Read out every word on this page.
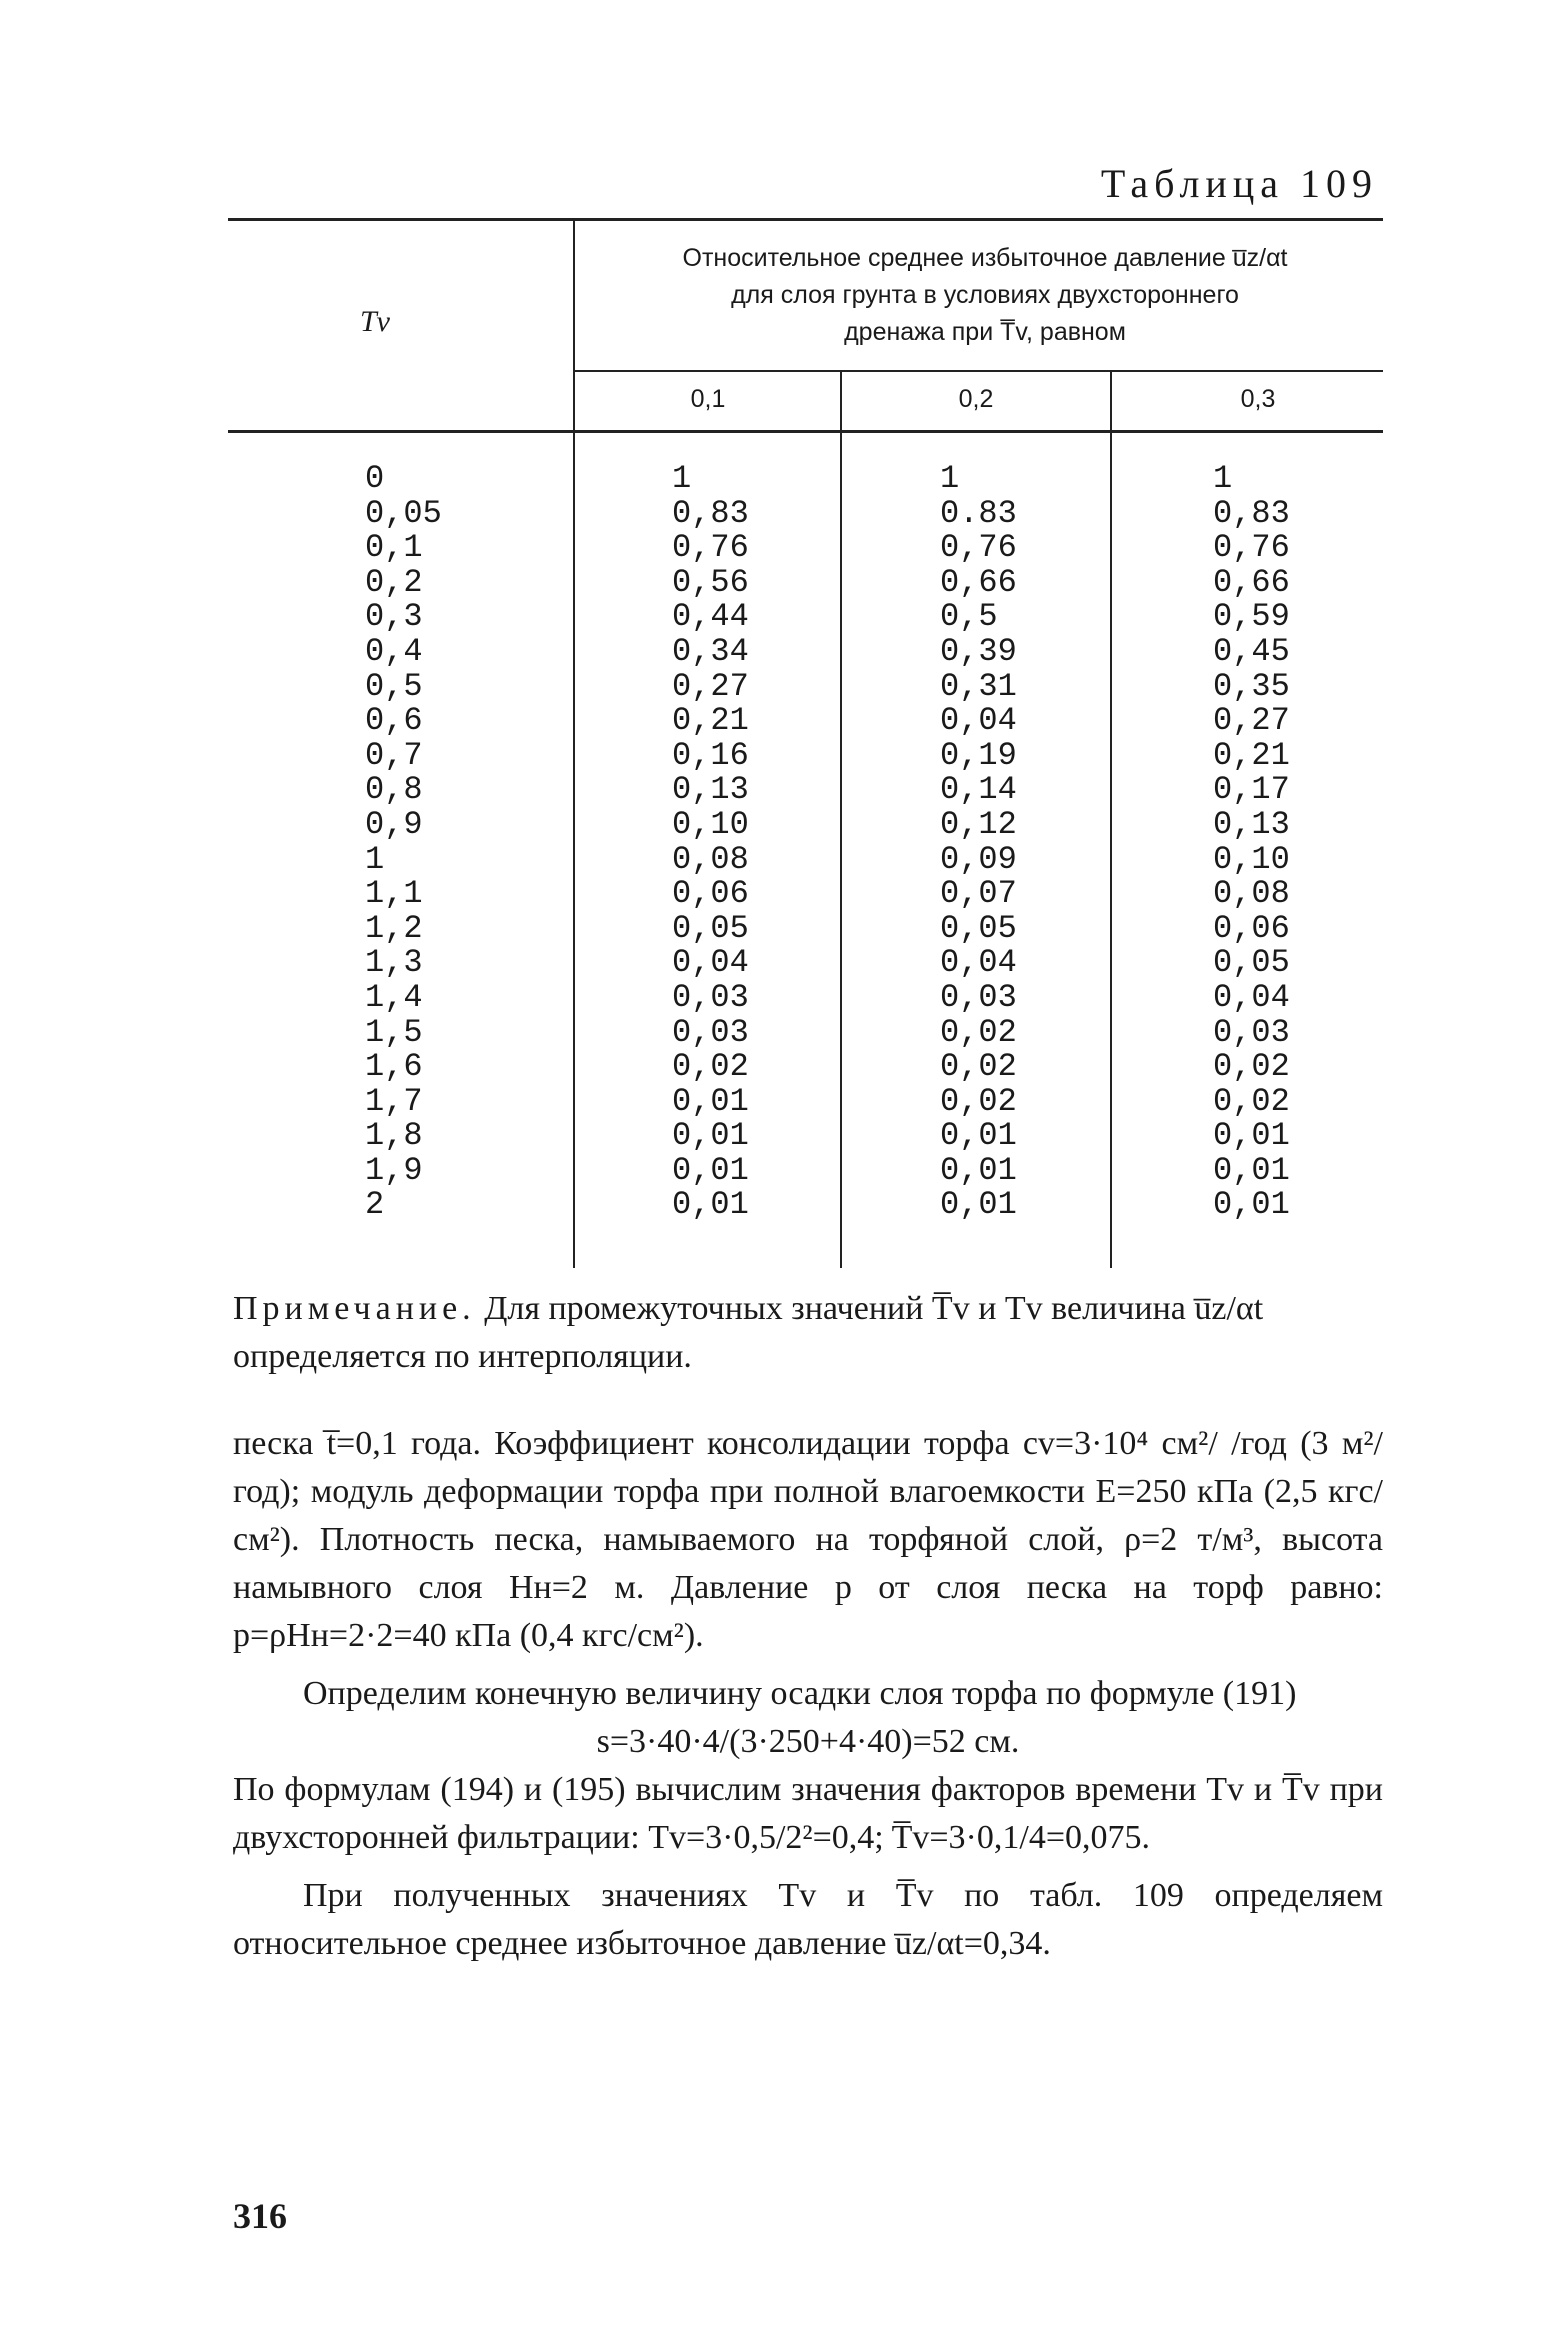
Таблица 109
Tv
Относительное среднее избыточное давление u̅z/αt
для слоя грунта в условиях двухстороннего
дренажа при T̅v, равном
0,1	0,2	0,3
0
0,05
0,1
0,2
0,3
0,4
0,5
0,6
0,7
0,8
0,9
1
1,1
1,2
1,3
1,4
1,5
1,6
1,7
1,8
1,9
2
1
0,83
0,76
0,56
0,44
0,34
0,27
0,21
0,16
0,13
0,10
0,08
0,06
0,05
0,04
0,03
0,03
0,02
0,01
0,01
0,01
0,01
1
0.83
0,76
0,66
0,5
0,39
0,31
0,04
0,19
0,14
0,12
0,09
0,07
0,05
0,04
0,03
0,02
0,02
0,02
0,01
0,01
0,01
1
0,83
0,76
0,66
0,59
0,45
0,35
0,27
0,21
0,17
0,13
0,10
0,08
0,06
0,05
0,04
0,03
0,02
0,02
0,01
0,01
0,01
Примечание. Для промежуточных значений T̅v и Tv величина u̅z/αt определяется по интерполяции.

песка t̅=0,1 года. Коэффициент консолидации торфа cv=3·10⁴ см²/ /год (3 м²/год); модуль деформации торфа при полной влагоемкости E=250 кПа (2,5 кгс/см²). Плотность песка, намываемого на торфяной слой, ρ=2 т/м³, высота намывного слоя Hн=2 м. Давление p от слоя песка на торф равно: p=ρHн=2·2=40 кПа (0,4 кгс/см²).

Определим конечную величину осадки слоя торфа по формуле (191)

s=3·40·4/(3·250+4·40)=52 см.

По формулам (194) и (195) вычислим значения факторов времени Tv и T̅v при двухсторонней фильтрации: Tv=3·0,5/2²=0,4; T̅v=3·0,1/4=0,075.

При полученных значениях Tv и T̅v по табл. 109 определяем относительное среднее избыточное давление u̅z/αt=0,34.

316
